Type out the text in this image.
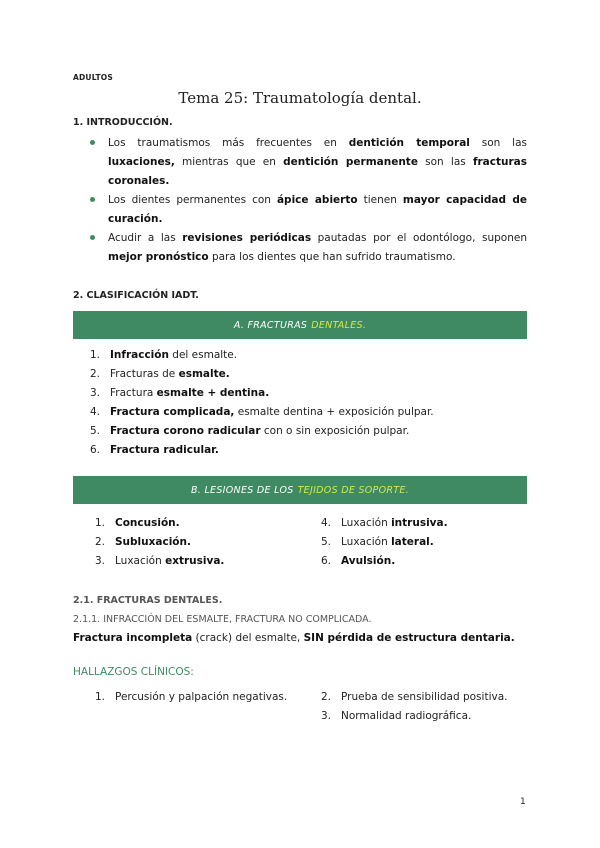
ADULTOS
Tema 25: Traumatología dental.
1. INTRODUCCIÓN.
Los traumatismos más frecuentes en dentición temporal son las luxaciones, mientras que en dentición permanente son las fracturas coronales.
Los dientes permanentes con ápice abierto tienen mayor capacidad de curación.
Acudir a las revisiones periódicas pautadas por el odontólogo, suponen mejor pronóstico para los dientes que han sufrido traumatismo.
2. CLASIFICACIÓN IADT.
A. FRACTURAS DENTALES.
1. Infracción del esmalte.
2. Fracturas de esmalte.
3. Fractura esmalte + dentina.
4. Fractura complicada, esmalte dentina + exposición pulpar.
5. Fractura corono radicular con o sin exposición pulpar.
6. Fractura radicular.
B. LESIONES DE LOS TEJIDOS DE SOPORTE.
1. Concusión.
2. Subluxación.
3. Luxación extrusiva.
4. Luxación intrusiva.
5. Luxación lateral.
6. Avulsión.
2.1. FRACTURAS DENTALES.
2.1.1. INFRACCIÓN DEL ESMALTE, FRACTURA NO COMPLICADA.
Fractura incompleta (crack) del esmalte, SIN pérdida de estructura dentaria.
HALLAZGOS CLÍNICOS:
1. Percusión y palpación negativas.	2. Prueba de sensibilidad positiva.
3. Normalidad radiográfica.
1
